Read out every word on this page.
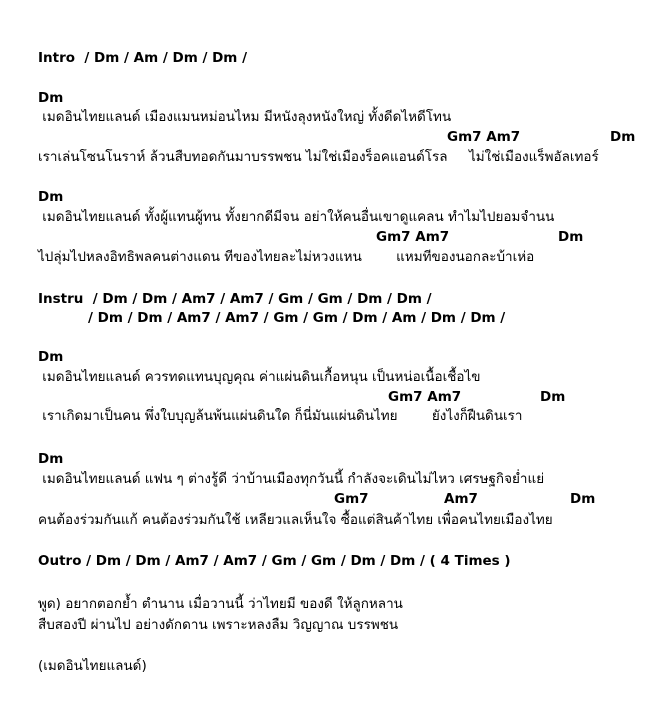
Intro  / Dm / Am / Dm / Dm /
Dm
เมดอินไทยแลนด์ เมืองแมนหม่อนไหม มีหนังลุงหนังใหญ่ ทั้งดีดไหดีโทน
Gm7 Am7	Dm
เราเล่นโซนโนราห์ ล้วนสืบทอดกันมาบรรพชน ไม่ใช่เมืองร็อคแอนด์โรล     ไม่ใช่เมืองแร็พอัลเทอร์
Dm
เมดอินไทยแลนด์ ทั้งผู้แทนผู้ทน ทั้งยากดีมีจน อย่าให้คนอื่นเขาดูแคลน ทำไมไปยอมจำนน
Gm7 Am7	Dm
ไปลุ่มไปหลงอิทธิพลคนต่างแดน ทีของไทยละไม่หวงแหน        แหมทีของนอกละบ้าเห่อ
Instru  / Dm / Dm / Am7 / Am7 / Gm / Gm / Dm / Dm /
/ Dm / Dm / Am7 / Am7 / Gm / Gm / Dm / Am / Dm / Dm /
Dm
เมดอินไทยแลนด์ ควรทดแทนบุญคุณ ค่าแผ่นดินเกื้อหนุน เป็นหน่อเนื้อเชื้อไข
Gm7 Am7	Dm
เราเกิดมาเป็นคน พึ่งใบบุญล้นพ้นแผ่นดินใด ก็นี่มันแผ่นดินไทย        ยังไงก็ฝืนดินเรา
Dm
เมดอินไทยแลนด์ แฟน ๆ ต่างรู้ดี ว่าบ้านเมืองทุกวันนี้ กำลังจะเดินไม่ไหว เศรษฐกิจย่ำแย่
Gm7	Am7	Dm
คนต้องร่วมกันแก้ คนต้องร่วมกันใช้ เหลียวแลเห็นใจ ซื้อแต่สินค้าไทย เพื่อคนไทยเมืองไทย
Outro / Dm / Dm / Am7 / Am7 / Gm / Gm / Dm / Dm / ( 4 Times )
พูด) อยากตอกย้ำ ตำนาน เมื่อวานนี้ ว่าไทยมี ของดี ให้ลูกหลาน
สืบสองปี ผ่านไป อย่างดักดาน เพราะหลงลืม วิญญาณ บรรพชน
(เมดอินไทยแลนด์)
